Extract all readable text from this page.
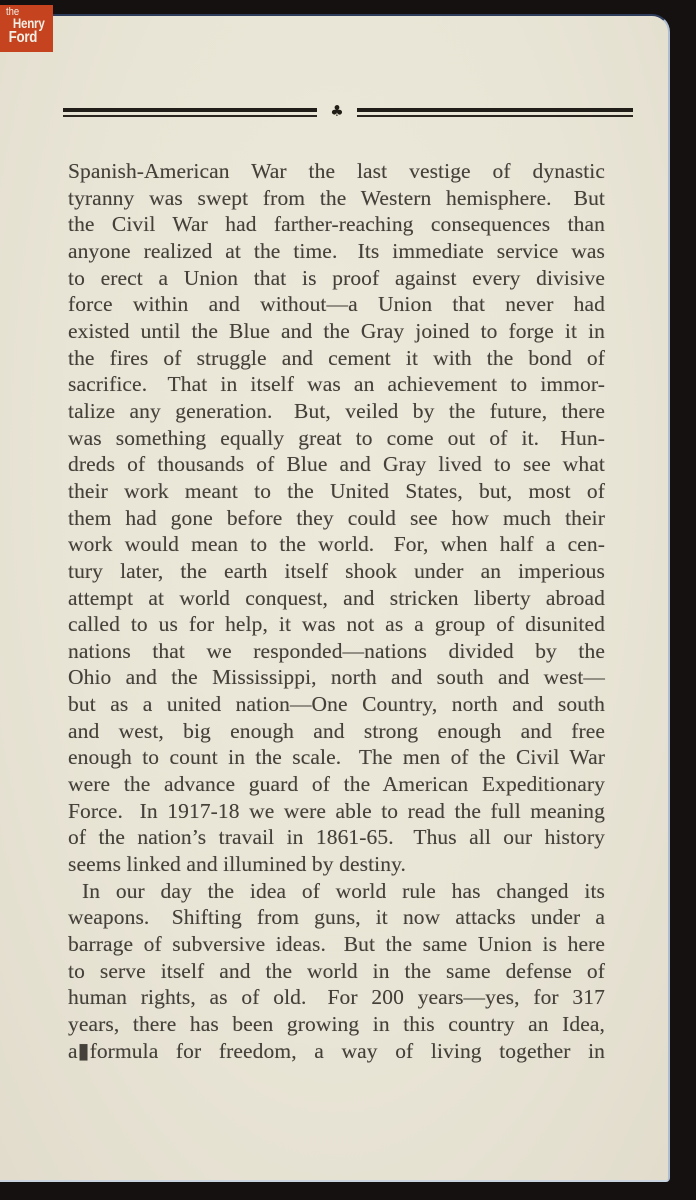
the
Henry
Ford
♣
Spanish-American War the last vestige of dynastic
tyranny was swept from the Western hemisphere.  But
the Civil War had farther-reaching consequences than
anyone realized at the time.  Its immediate service was
to erect a Union that is proof against every divisive
force within and without—a Union that never had
existed until the Blue and the Gray joined to forge it in
the fires of struggle and cement it with the bond of
sacrifice.  That in itself was an achievement to immor-
talize any generation.  But, veiled by the future, there
was something equally great to come out of it.  Hun-
dreds of thousands of Blue and Gray lived to see what
their work meant to the United States, but, most of
them had gone before they could see how much their
work would mean to the world.  For, when half a cen-
tury later, the earth itself shook under an imperious
attempt at world conquest, and stricken liberty abroad
called to us for help, it was not as a group of disunited
nations that we responded—nations divided by the
Ohio and the Mississippi, north and south and west—
but as a united nation—One Country, north and south
and west, big enough and strong enough and free
enough to count in the scale.  The men of the Civil War
were the advance guard of the American Expeditionary
Force.  In 1917-18 we were able to read the full meaning
of the nation’s travail in 1861-65.  Thus all our history
seems linked and illumined by destiny.
In our day the idea of world rule has changed its
weapons.  Shifting from guns, it now attacks under a
barrage of subversive ideas.  But the same Union is here
to serve itself and the world in the same defense of
human rights, as of old.  For 200 years—yes, for 317
years, there has been growing in this country an Idea,
a▮formula for freedom, a way of living together in
